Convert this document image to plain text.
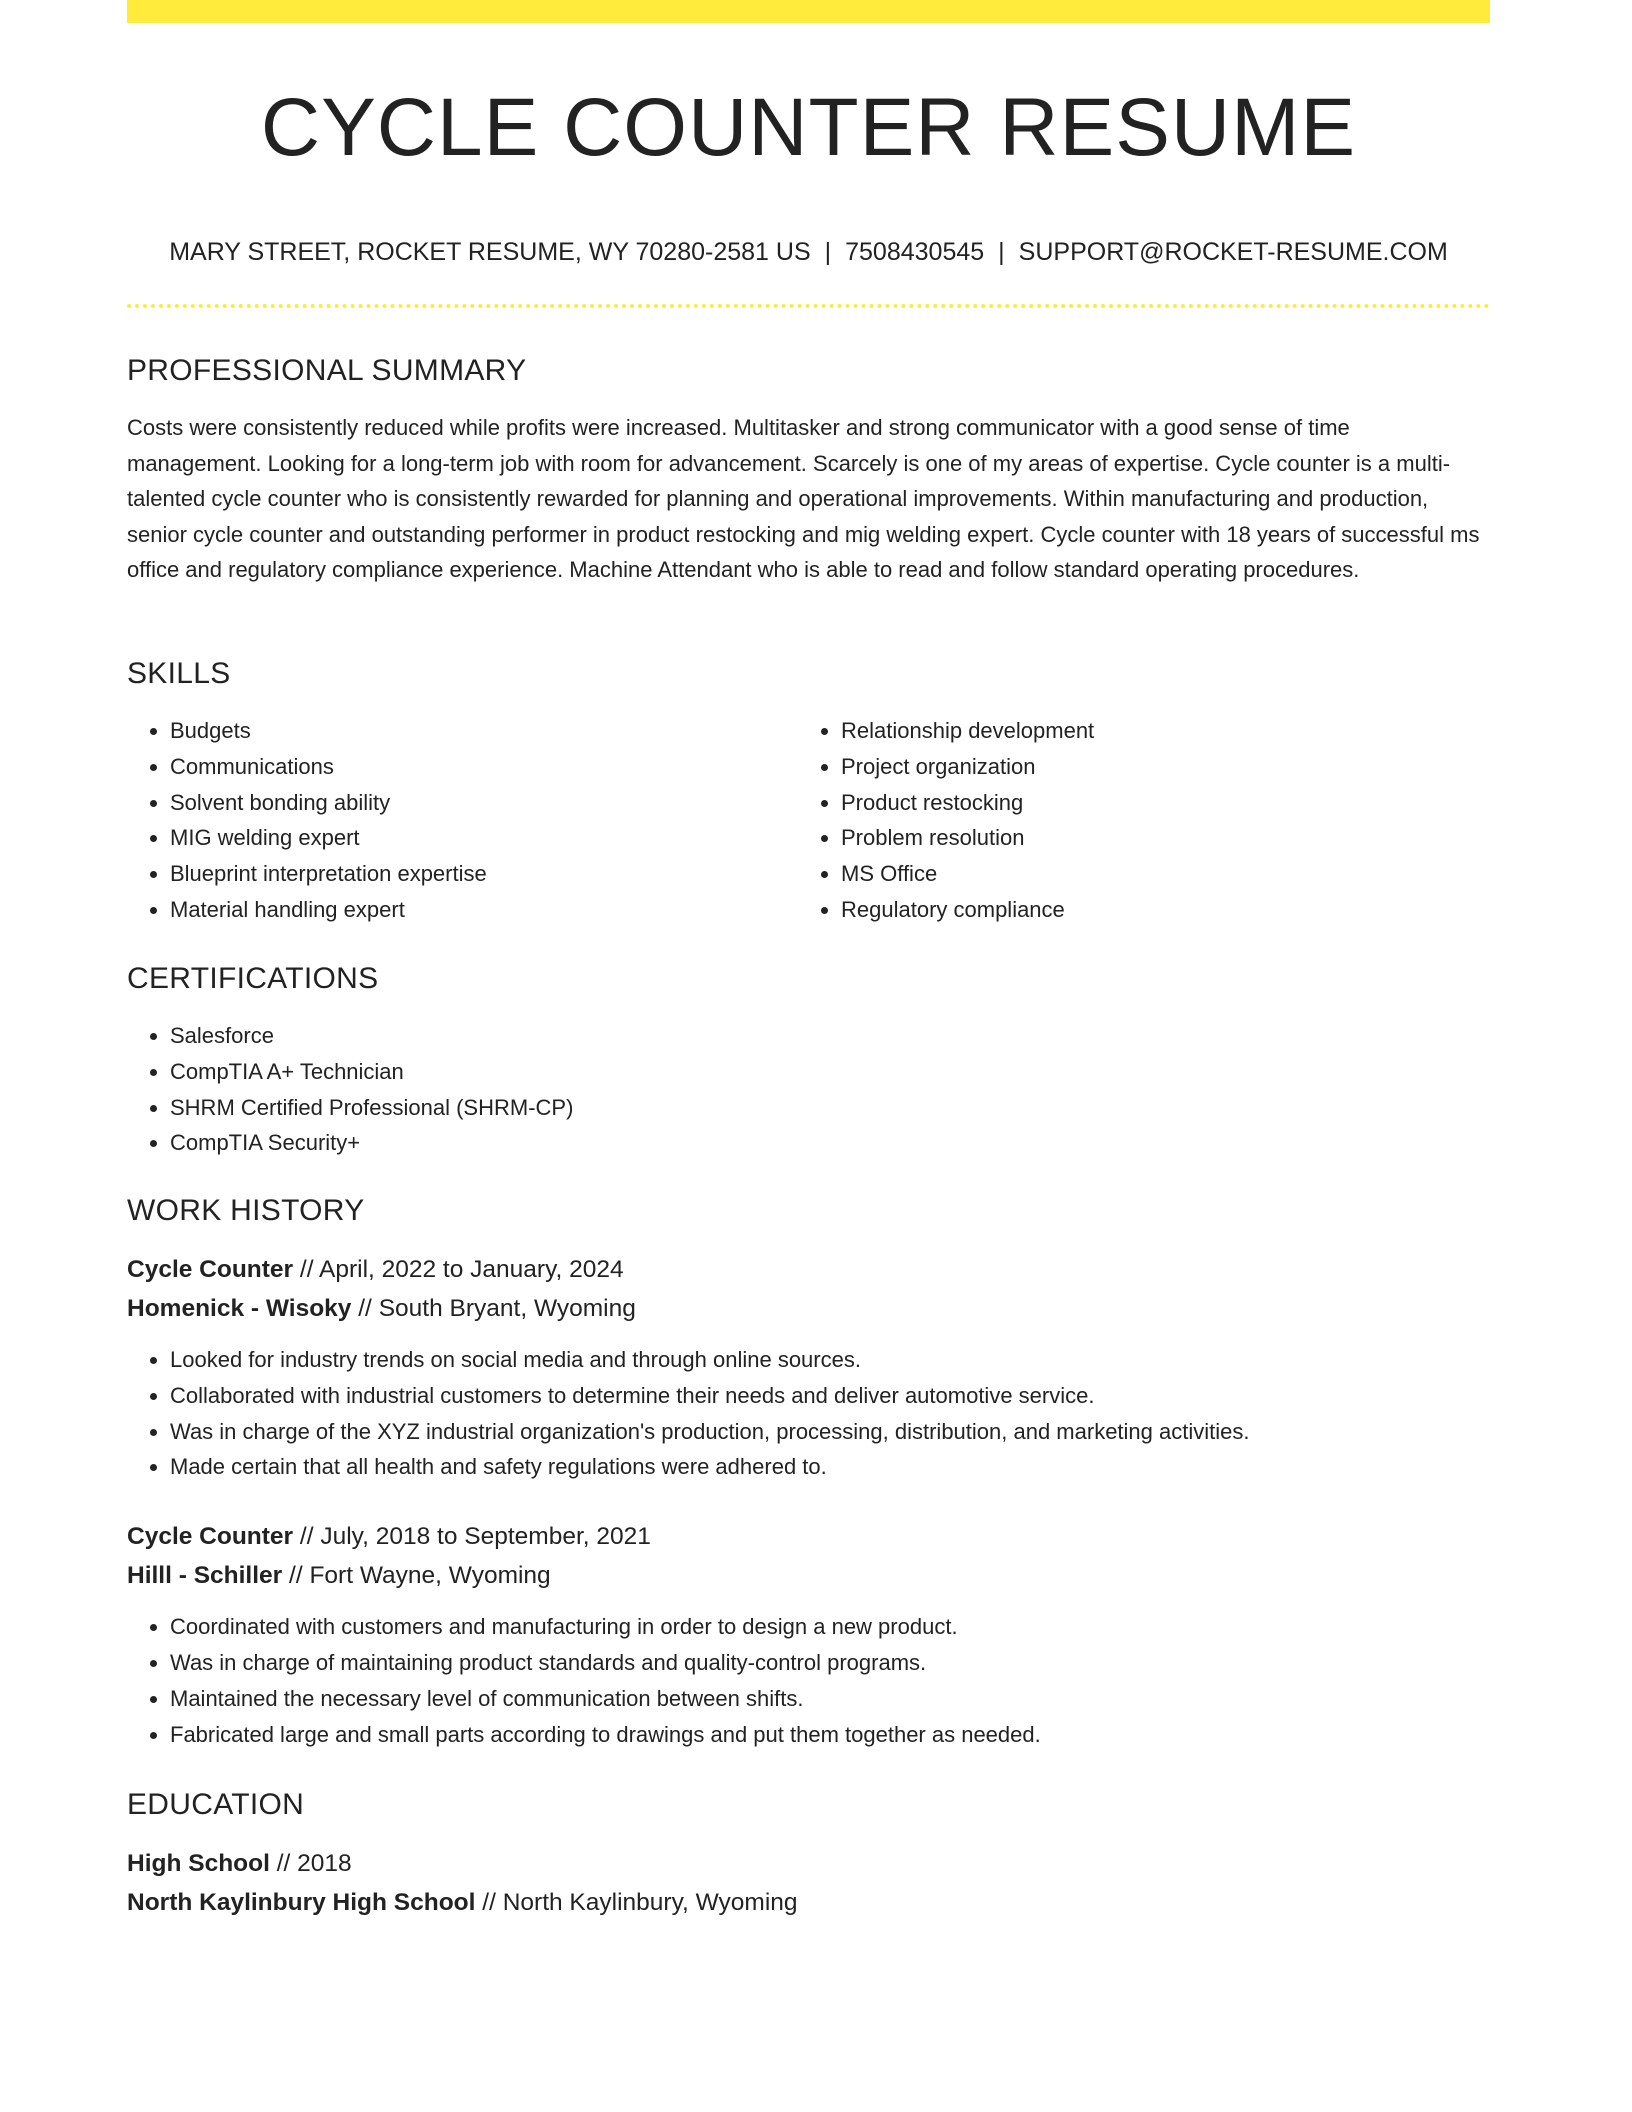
CYCLE COUNTER RESUME
MARY STREET, ROCKET RESUME, WY 70280-2581 US | 7508430545 | SUPPORT@ROCKET-RESUME.COM
PROFESSIONAL SUMMARY

Costs were consistently reduced while profits were increased. Multitasker and strong communicator with a good sense of time management. Looking for a long-term job with room for advancement. Scarcely is one of my areas of expertise. Cycle counter is a multi-talented cycle counter who is consistently rewarded for planning and operational improvements. Within manufacturing and production, senior cycle counter and outstanding performer in product restocking and mig welding expert. Cycle counter with 18 years of successful ms office and regulatory compliance experience. Machine Attendant who is able to read and follow standard operating procedures.

SKILLS
• Budgets
• Communications
• Solvent bonding ability
• MIG welding expert
• Blueprint interpretation expertise
• Material handling expert
• Relationship development
• Project organization
• Product restocking
• Problem resolution
• MS Office
• Regulatory compliance
CERTIFICATIONS
• Salesforce
• CompTIA A+ Technician
• SHRM Certified Professional (SHRM-CP)
• CompTIA Security+
WORK HISTORY

Cycle Counter // April, 2022 to January, 2024

Homenick - Wisoky // South Bryant, Wyoming

• Looked for industry trends on social media and through online sources.
• Collaborated with industrial customers to determine their needs and deliver automotive service.
• Was in charge of the XYZ industrial organization's production, processing, distribution, and marketing activities.
• Made certain that all health and safety regulations were adhered to.

Cycle Counter // July, 2018 to September, 2021

Hilll - Schiller // Fort Wayne, Wyoming

• Coordinated with customers and manufacturing in order to design a new product.
• Was in charge of maintaining product standards and quality-control programs.
• Maintained the necessary level of communication between shifts.
• Fabricated large and small parts according to drawings and put them together as needed.
EDUCATION

High School // 2018

North Kaylinbury High School // North Kaylinbury, Wyoming
